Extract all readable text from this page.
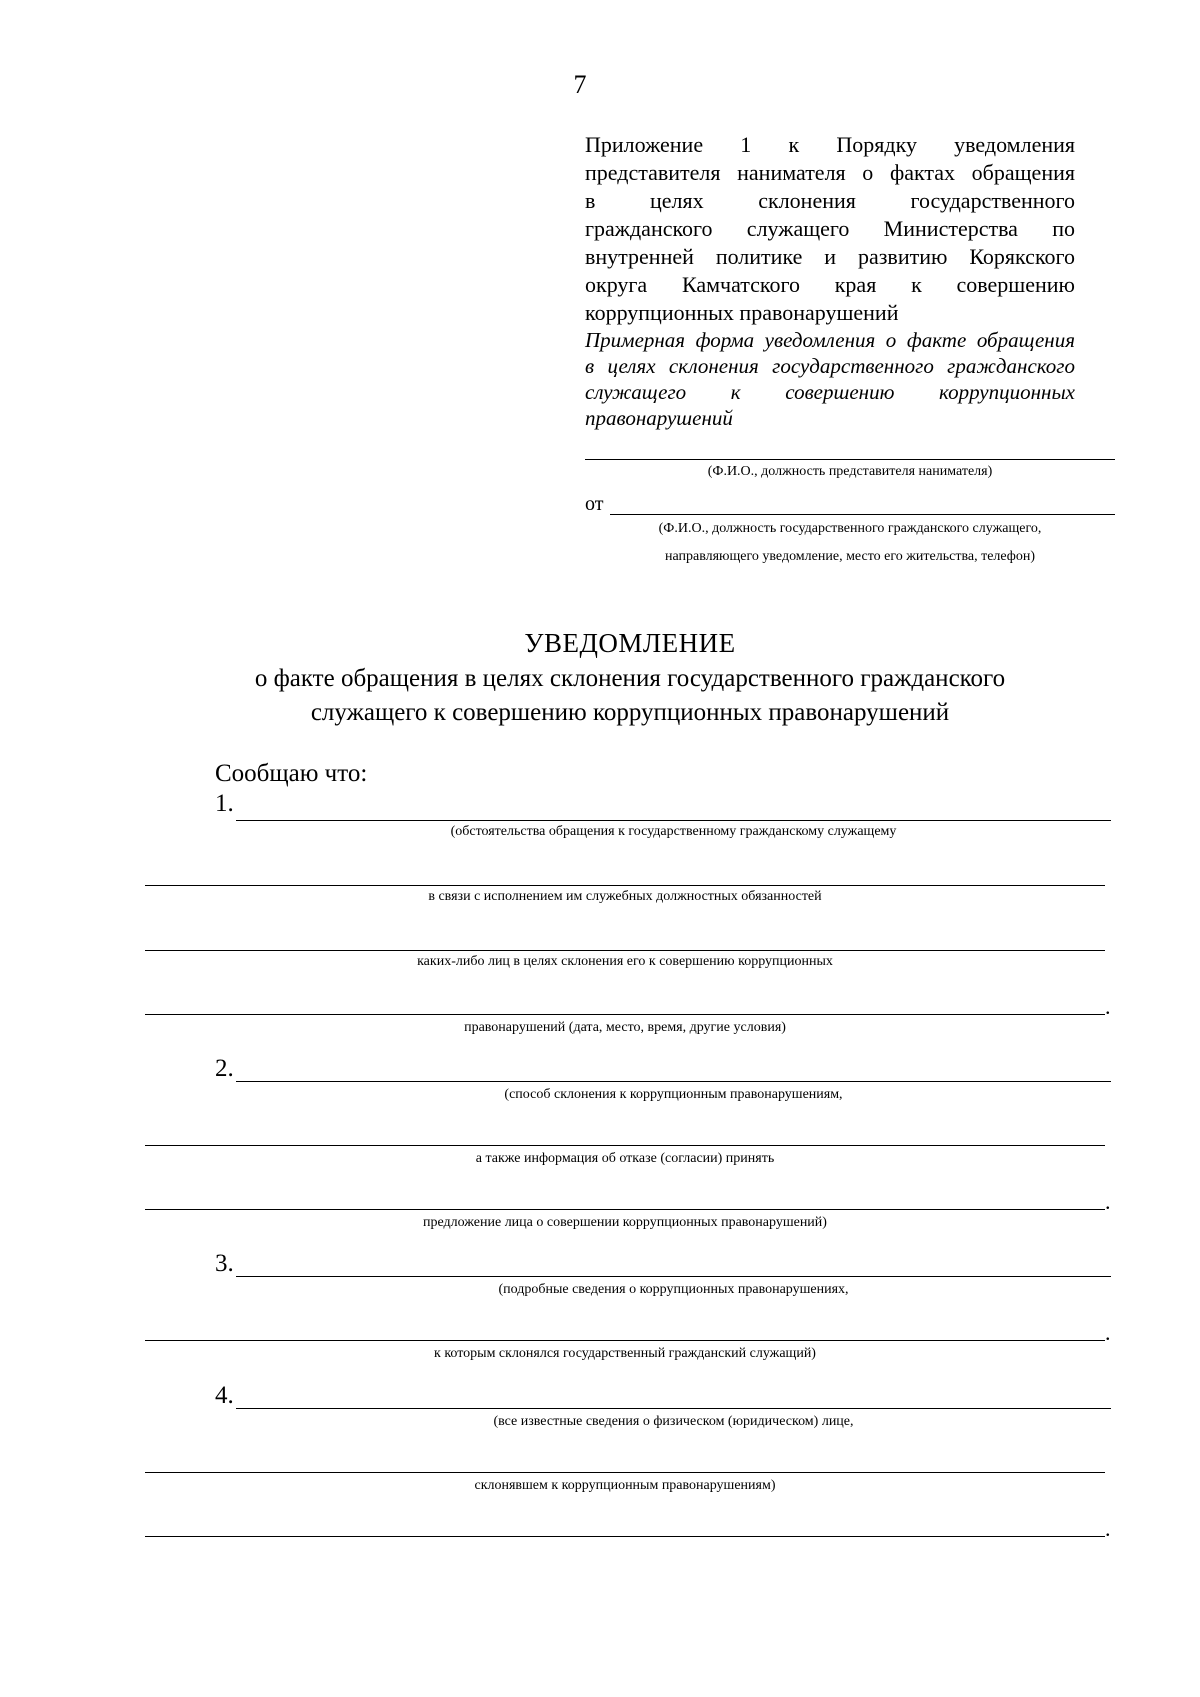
7
Приложение 1 к Порядку уведомления
представителя нанимателя о фактах обращения
в целях склонения государственного
гражданского служащего Министерства по
внутренней политике и развитию Корякского
округа Камчатского края к совершению
коррупционных правонарушений
Примерная форма уведомления о факте обращения
в целях склонения государственного гражданского
служащего к совершению коррупционных
правонарушений
(Ф.И.О., должность представителя нанимателя)
от
(Ф.И.О., должность государственного гражданского служащего,
направляющего уведомление, место его жительства, телефон)
УВЕДОМЛЕНИЕ
о факте обращения в целях склонения государственного гражданского
служащего к совершению коррупционных правонарушений
Сообщаю что:
1.
(обстоятельства обращения к государственному гражданскому служащему
в связи с исполнением им служебных должностных обязанностей
каких-либо лиц в целях склонения его к совершению коррупционных
.
правонарушений (дата, место, время, другие условия)
2.
(способ склонения к коррупционным правонарушениям,
а также информация об отказе (согласии) принять
.
предложение лица о совершении коррупционных правонарушений)
3.
(подробные сведения о коррупционных правонарушениях,
.
к которым склонялся государственный гражданский служащий)
4.
(все известные сведения о физическом (юридическом) лице,
склонявшем к коррупционным правонарушениям)
.
